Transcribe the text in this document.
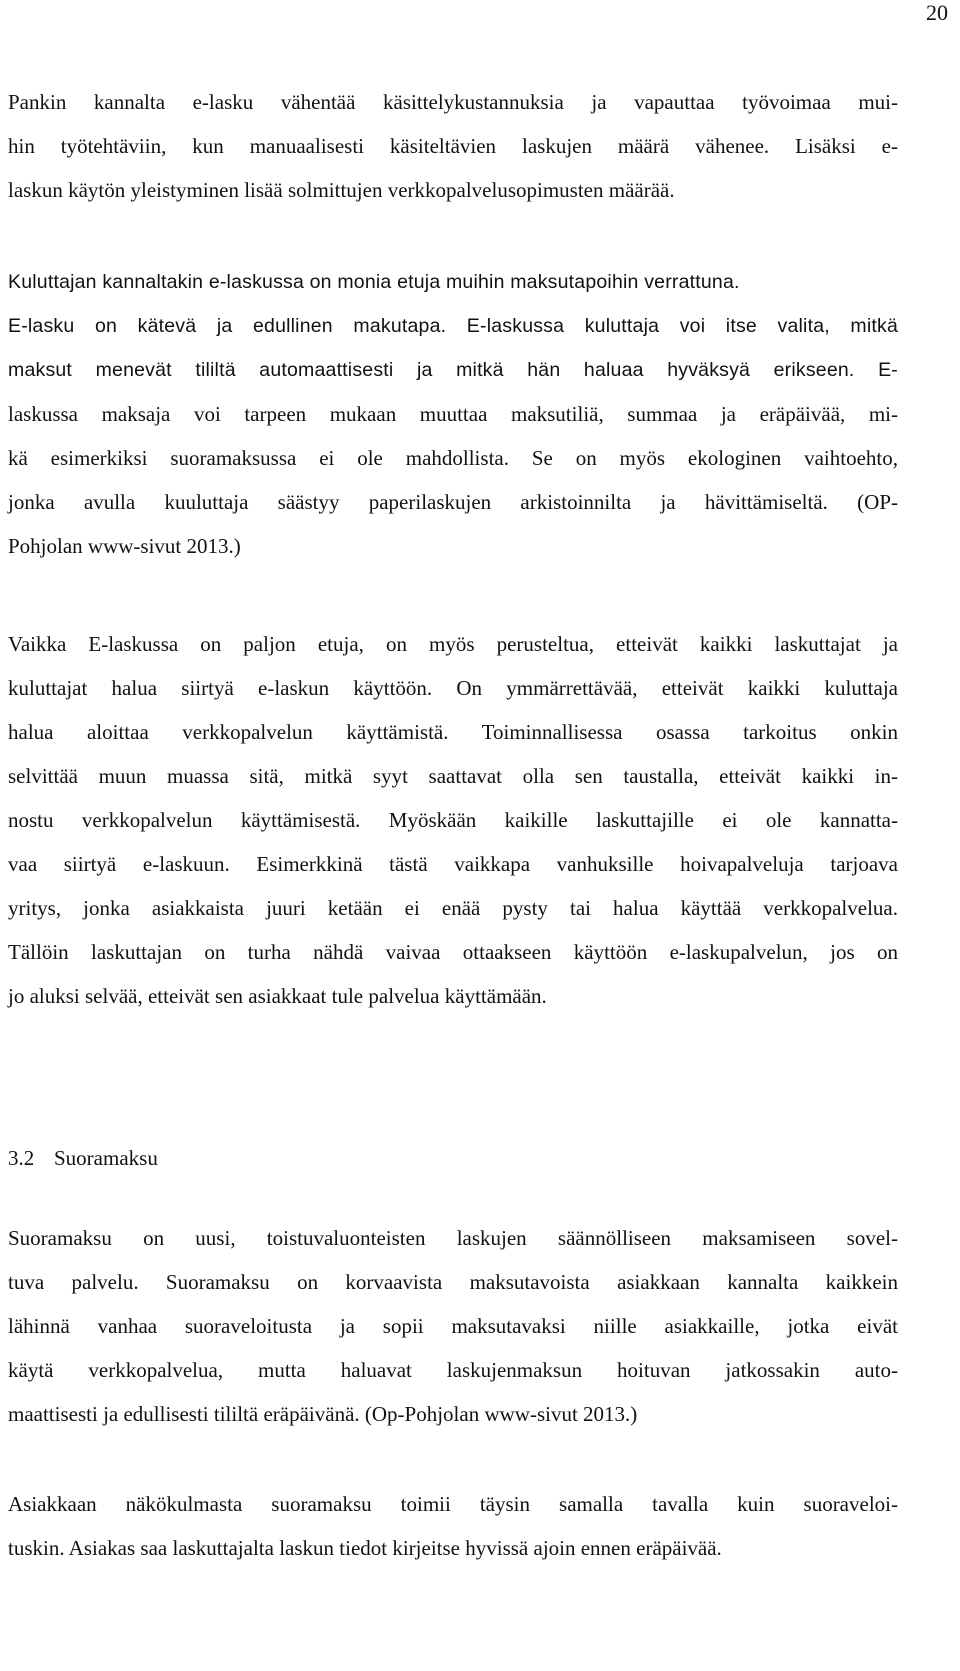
20

Pankin kannalta e-lasku vähentää käsittelykustannuksia ja vapauttaa työvoimaa mui-
hin työtehtäviin, kun manuaalisesti käsiteltävien laskujen määrä vähenee. Lisäksi e-
laskun käytön yleistyminen lisää solmittujen verkkopalvelusopimusten määrää.

Kuluttajan kannaltakin e-laskussa on monia etuja muihin maksutapoihin verrattuna.
E-lasku on kätevä ja edullinen makutapa. E-laskussa kuluttaja voi itse valita, mitkä
maksut menevät tililtä automaattisesti ja mitkä hän haluaa hyväksyä erikseen. E-

laskussa maksaja voi tarpeen mukaan muuttaa maksutiliä, summaa ja eräpäivää, mi-
kä esimerkiksi suoramaksussa ei ole mahdollista. Se on myös ekologinen vaihtoehto,
jonka avulla kuuluttaja säästyy paperilaskujen arkistoinnilta ja hävittämiseltä. (OP-
Pohjolan www-sivut 2013.)

Vaikka E-laskussa on paljon etuja, on myös perusteltua, etteivät kaikki laskuttajat ja
kuluttajat halua siirtyä e-laskun käyttöön. On ymmärrettävää, etteivät kaikki kuluttaja
halua aloittaa verkkopalvelun käyttämistä. Toiminnallisessa osassa tarkoitus onkin
selvittää muun muassa sitä, mitkä syyt saattavat olla sen taustalla, etteivät kaikki in-
nostu verkkopalvelun käyttämisestä. Myöskään kaikille laskuttajille ei ole kannatta-
vaa siirtyä e-laskuun. Esimerkkinä tästä vaikkapa vanhuksille hoivapalveluja tarjoava
yritys, jonka asiakkaista juuri ketään ei enää pysty tai halua käyttää verkkopalvelua.
Tällöin laskuttajan on turha nähdä vaivaa ottaakseen käyttöön e-laskupalvelun, jos on
jo aluksi selvää, etteivät sen asiakkaat tule palvelua käyttämään.

3.2 Suoramaksu

Suoramaksu on uusi, toistuvaluonteisten laskujen säännölliseen maksamiseen sovel-
tuva palvelu. Suoramaksu on korvaavista maksutavoista asiakkaan kannalta kaikkein
lähinnä vanhaa suoraveloitusta ja sopii maksutavaksi niille asiakkaille, jotka eivät
käytä verkkopalvelua, mutta haluavat laskujenmaksun hoituvan jatkossakin auto-
maattisesti ja edullisesti tililtä eräpäivänä. (Op-Pohjolan www-sivut 2013.)

Asiakkaan näkökulmasta suoramaksu toimii täysin samalla tavalla kuin suoraveloi-
tuskin. Asiakas saa laskuttajalta laskun tiedot kirjeitse hyvissä ajoin ennen eräpäivää.
